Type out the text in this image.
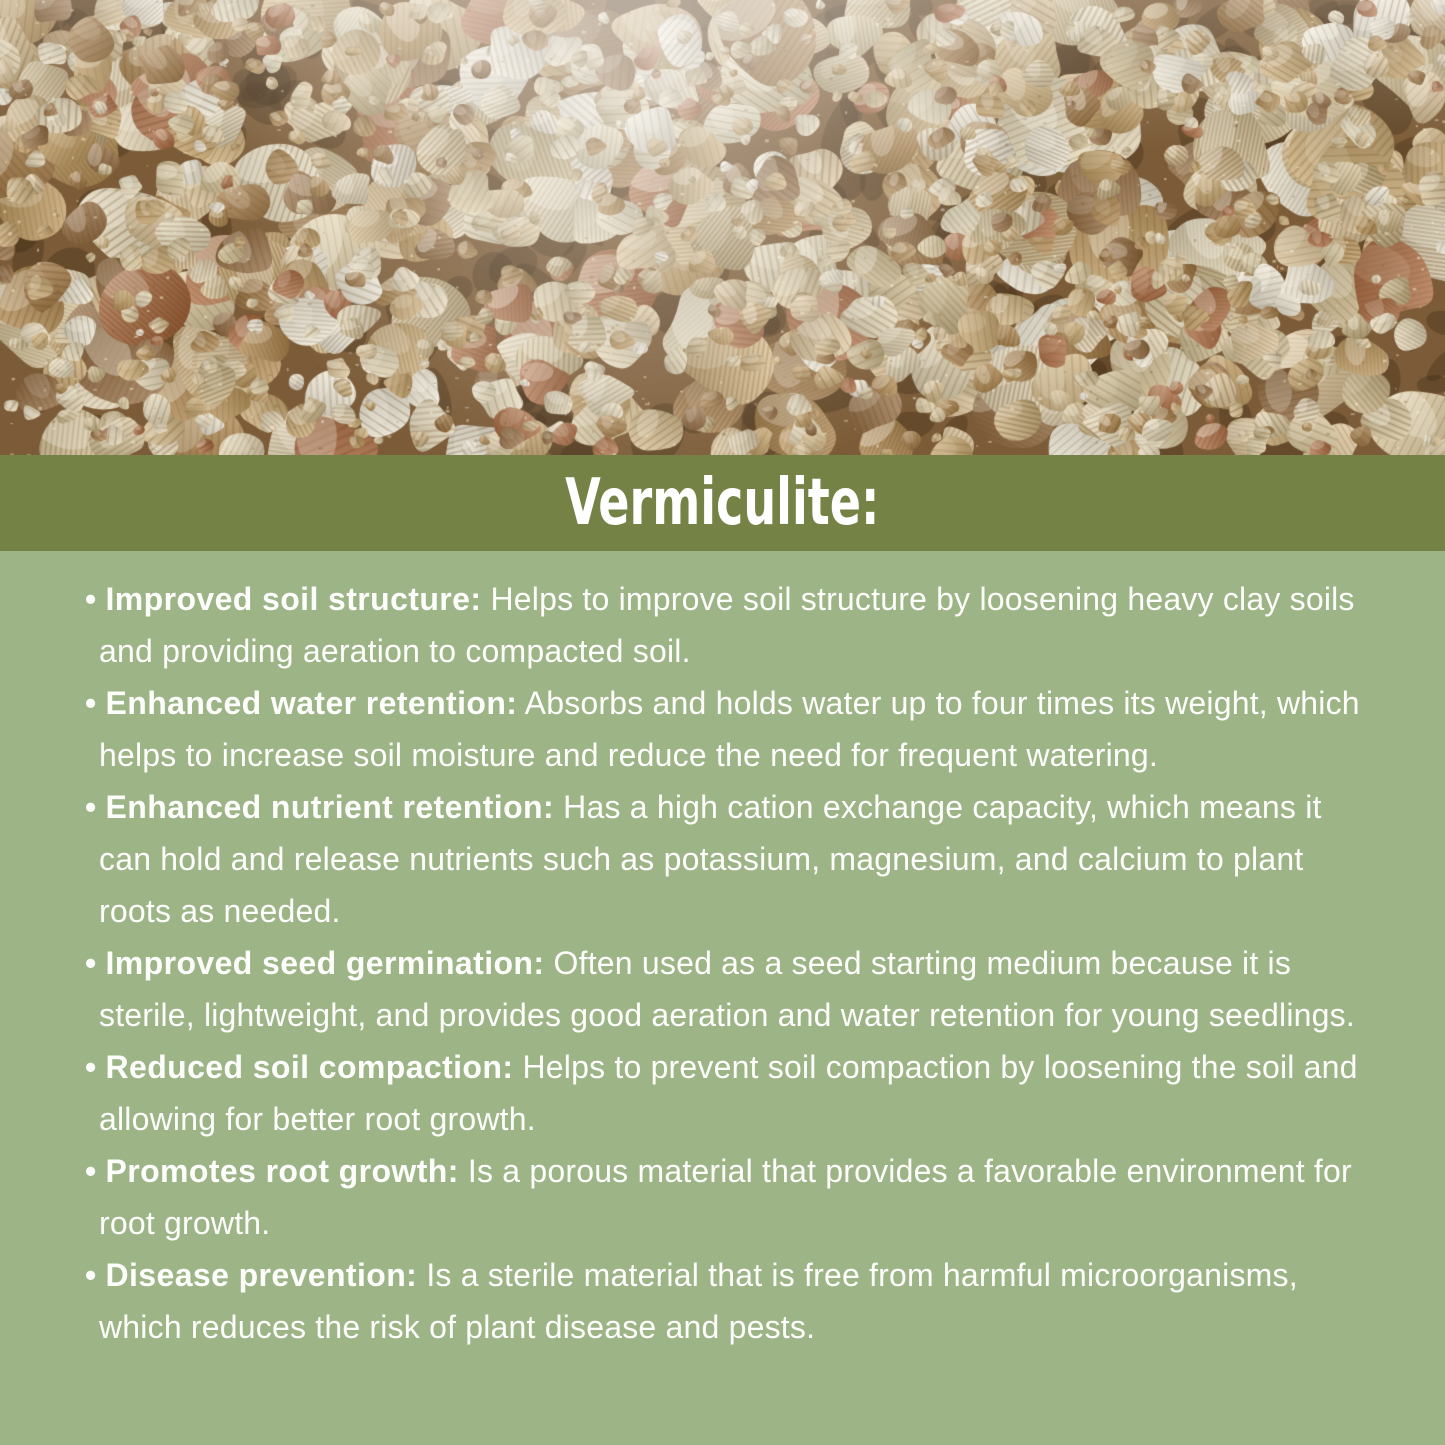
Vermiculite:
• Improved soil structure: Helps to improve soil structure by loosening heavy clay soils and providing aeration to compacted soil.
• Enhanced water retention: Absorbs and holds water up to four times its weight, which helps to increase soil moisture and reduce the need for frequent watering.
• Enhanced nutrient retention: Has a high cation exchange capacity, which means it can hold and release nutrients such as potassium, magnesium, and calcium to plant roots as needed.
• Improved seed germination: Often used as a seed starting medium because it is sterile, lightweight, and provides good aeration and water retention for young seedlings.
• Reduced soil compaction: Helps to prevent soil compaction by loosening the soil and allowing for better root growth.
• Promotes root growth: Is a porous material that provides a favorable environment for root growth.
• Disease prevention: Is a sterile material that is free from harmful microorganisms, which reduces the risk of plant disease and pests.
